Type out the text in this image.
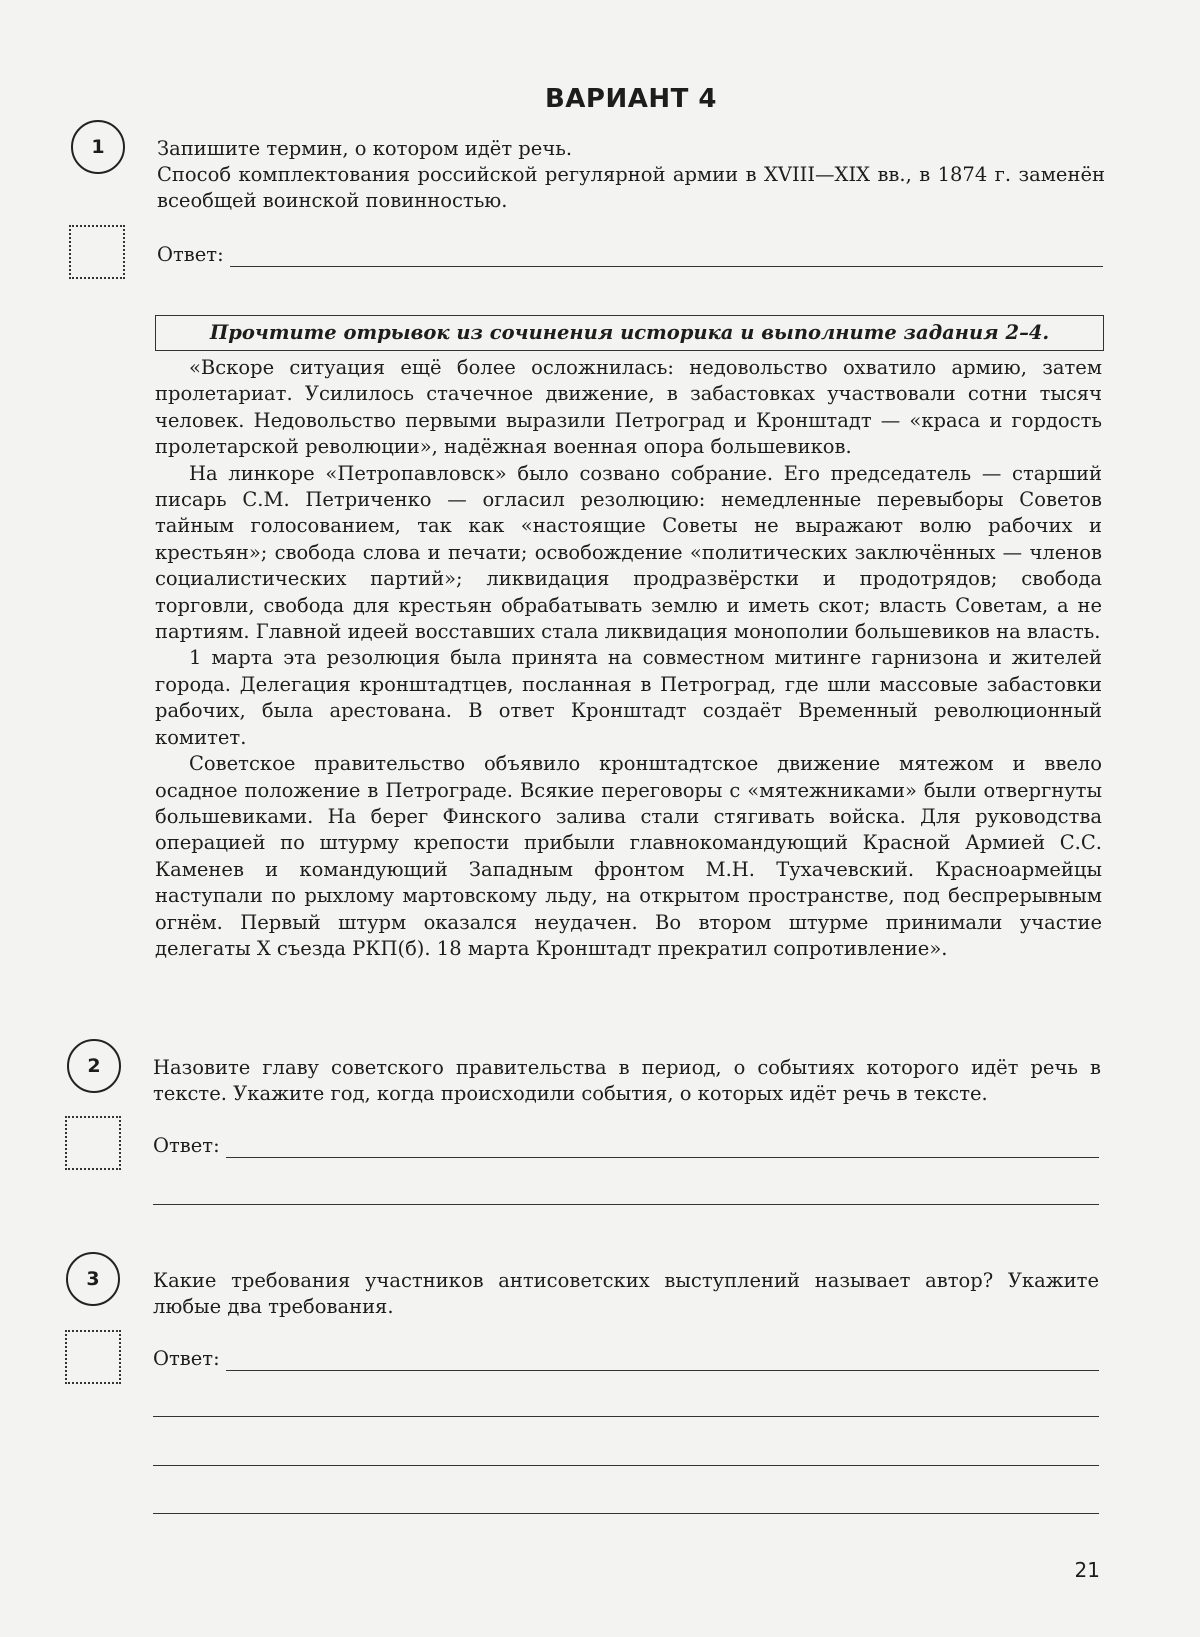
ВАРИАНТ 4
1	Запишите термин, о котором идёт речь.
Способ комплектования российской регулярной армии в XVIII—XIX вв., в 1874 г. заменён всеобщей воинской повинностью.
Ответ:
Прочтите отрывок из сочинения историка и выполните задания 2–4.

«Вскоре ситуация ещё более осложнилась: недовольство охватило армию, затем пролетариат. Усилилось стачечное движение, в забастовках участвовали сотни тысяч человек. Недовольство первыми выразили Петроград и Кронштадт — «краса и гордость пролетарской революции», надёжная военная опора большевиков.

На линкоре «Петропавловск» было созвано собрание. Его председатель — старший писарь С.М. Петриченко — огласил резолюцию: немедленные перевыборы Советов тайным голосованием, так как «настоящие Советы не выражают волю рабочих и крестьян»; свобода слова и печати; освобождение «политических заключённых — членов социалистических партий»; ликвидация продразвёрстки и продотрядов; свобода торговли, свобода для крестьян обрабатывать землю и иметь скот; власть Советам, а не партиям. Главной идеей восставших стала ликвидация монополии большевиков на власть.

1 марта эта резолюция была принята на совместном митинге гарнизона и жителей города. Делегация кронштадтцев, посланная в Петроград, где шли массовые забастовки рабочих, была арестована. В ответ Кронштадт создаёт Временный революционный комитет.

Советское правительство объявило кронштадтское движение мятежом и ввело осадное положение в Петрограде. Всякие переговоры с «мятежниками» были отвергнуты большевиками. На берег Финского залива стали стягивать войска. Для руководства операцией по штурму крепости прибыли главнокомандующий Красной Армией С.С. Каменев и командующий Западным фронтом М.Н. Тухачевский. Красноармейцы наступали по рыхлому мартовскому льду, на открытом пространстве, под беспрерывным огнём. Первый штурм оказался неудачен. Во втором штурме принимали участие делегаты X съезда РКП(б). 18 марта Кронштадт прекратил сопротивление».

2	Назовите главу советского правительства в период, о событиях которого идёт речь в тексте. Укажите год, когда происходили события, о которых идёт речь в тексте.
Ответ:
3	Какие требования участников антисоветских выступлений называет автор? Укажите любые два требования.
Ответ:
21
